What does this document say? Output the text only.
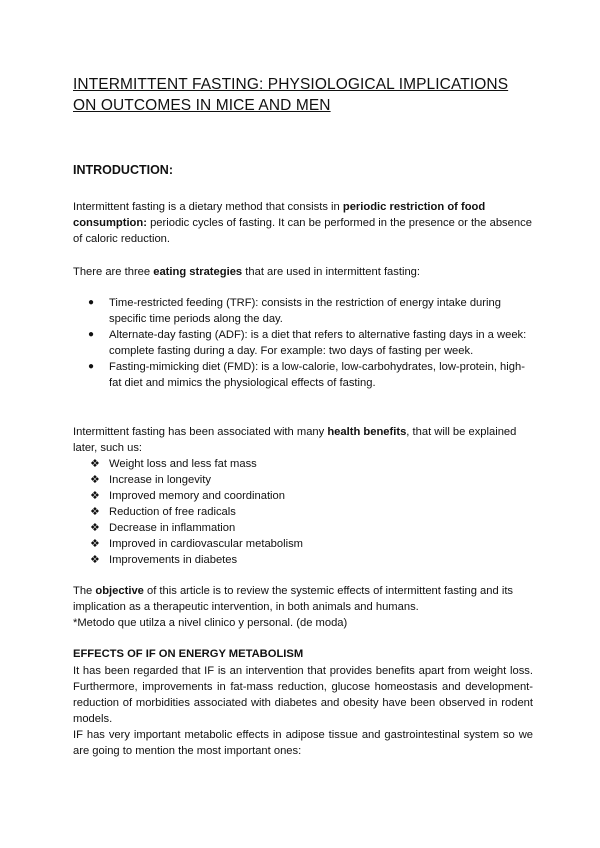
INTERMITTENT FASTING: PHYSIOLOGICAL IMPLICATIONS ON OUTCOMES IN MICE AND MEN
INTRODUCTION:

Intermittent fasting is a dietary method that consists in periodic restriction of food consumption: periodic cycles of fasting. It can be performed in the presence or the absence of caloric reduction.

There are three eating strategies that are used in intermittent fasting:

● Time-restricted feeding (TRF): consists in the restriction of energy intake during specific time periods along the day.
● Alternate-day fasting (ADF): is a diet that refers to alternative fasting days in a week: complete fasting during a day. For example: two days of fasting per week.
● Fasting-mimicking diet (FMD): is a low-calorie, low-carbohydrates, low-protein, high-fat diet and mimics the physiological effects of fasting.

Intermittent fasting has been associated with many health benefits, that will be explained later, such us:

❖ Weight loss and less fat mass
❖ Increase in longevity
❖ Improved memory and coordination
❖ Reduction of free radicals
❖ Decrease in inflammation
❖ Improved in cardiovascular metabolism
❖ Improvements in diabetes

The objective of this article is to review the systemic effects of intermittent fasting and its implication as a therapeutic intervention, in both animals and humans.
*Metodo que utilza a nivel clinico y personal. (de moda)

EFFECTS OF IF ON ENERGY METABOLISM

It has been regarded that IF is an intervention that provides benefits apart from weight loss. Furthermore, improvements in fat-mass reduction, glucose homeostasis and development-reduction of morbidities associated with diabetes and obesity have been observed in rodent models.

IF has very important metabolic effects in adipose tissue and gastrointestinal system so we are going to mention the most important ones:
